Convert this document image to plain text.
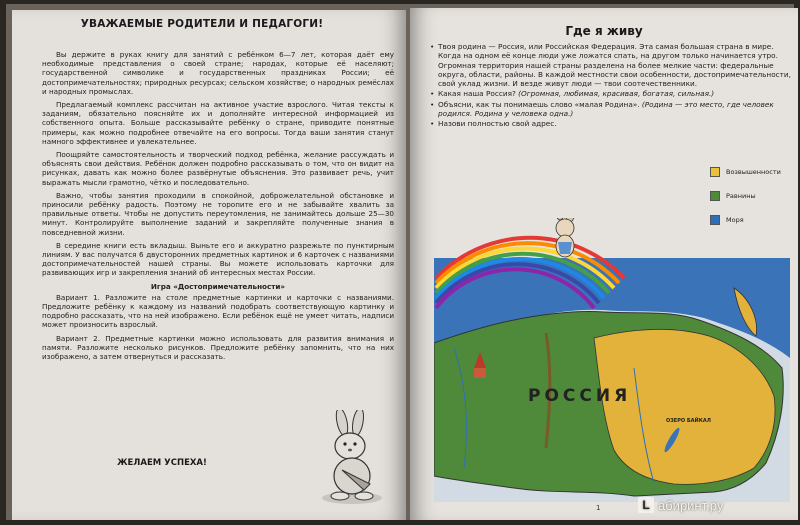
УВАЖАЕМЫЕ РОДИТЕЛИ И ПЕДАГОГИ!

Вы держите в руках книгу для занятий с ребёнком 6—7 лет, которая даёт ему необходимые представления о своей стране; народах, которые её населяют; государственной символике и государственных праздниках России; её достопримечательностях; природных ресурсах; сельском хозяйстве; о народных ремёслах и народных промыслах.

Предлагаемый комплекс рассчитан на активное участие взрослого. Читая тексты к заданиям, обязательно поясняйте их и дополняйте интересной информацией из собственного опыта. Больше рассказывайте ребёнку о стране, приводите понятные примеры, как можно подробнее отвечайте на его вопросы. Тогда ваши занятия станут намного эффективнее и увлекательнее.

Поощряйте самостоятельность и творческий подход ребёнка, желание рассуждать и объяснять свои действия. Ребёнок должен подробно рассказывать о том, что он видит на рисунках, давать как можно более развёрнутые объяснения. Это развивает речь, учит выражать мысли грамотно, чётко и последовательно.

Важно, чтобы занятия проходили в спокойной, доброжелательной обстановке и приносили ребёнку радость. Поэтому не торопите его и не забывайте хвалить за правильные ответы. Чтобы не допустить переутомления, не занимайтесь дольше 25—30 минут. Контролируйте выполнение заданий и закрепляйте полученные знания в повседневной жизни.

В середине книги есть вкладыш. Выньте его и аккуратно разрежьте по пунктирным линиям. У вас получатся 6 двусторонних предметных картинок и 6 карточек с названиями достопримечательностей нашей страны. Вы можете использовать карточки для развивающих игр и закрепления знаний об интересных местах России.

Игра «Достопримечательности»

Вариант 1. Разложите на столе предметные картинки и карточки с названиями. Предложите ребёнку к каждому из названий подобрать соответствующую картинку и подробно рассказать, что на ней изображено. Если ребёнок ещё не умеет читать, надписи может произносить взрослый.

Вариант 2. Предметные картинки можно использовать для развития внимания и памяти. Разложите несколько рисунков. Предложите ребёнку запомнить, что на них изображено, а затем отвернуться и рассказать.

ЖЕЛАЕМ УСПЕХА!
Где я живу
• Твоя родина — Россия, или Российская Федерация. Эта самая большая страна в мире. Когда на одном её конце люди уже ложатся спать, на другом только начинается утро. Огромная территория нашей страны разделена на более мелкие части: федеральные округа, области, районы. В каждой местности свои особенности, достопримечательности, свой уклад жизни. И везде живут люди — твои соотечественники.
• Какая наша Россия? (Огромная, любимая, красивая, богатая, сильная.)
• Объясни, как ты понимаешь слово «малая Родина». (Родина — это место, где человек родился. Родина у человека одна.)
• Назови полностью свой адрес.
Возвышенности
Равнины
Моря
РОССИЯ
ОЗЕРО БАЙКАЛ
1	L абиринт.ру
